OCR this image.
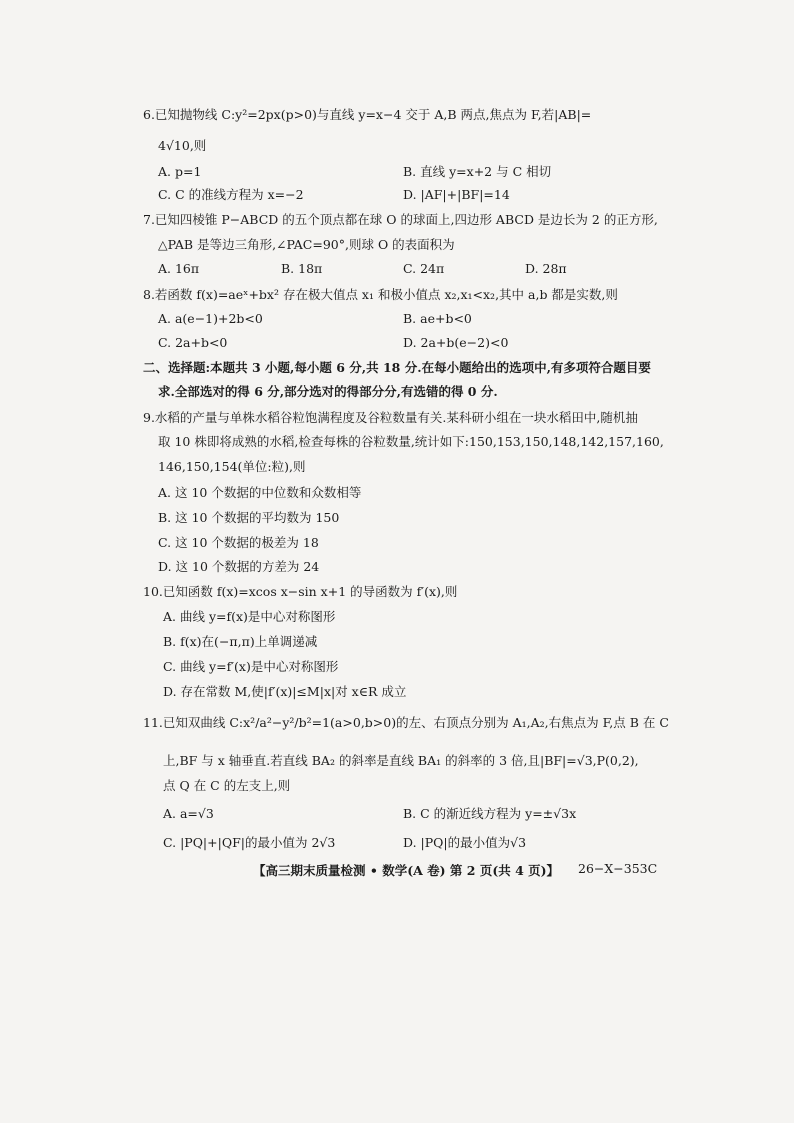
6.已知抛物线 C:y²=2px(p>0)与直线 y=x−4 交于 A,B 两点,焦点为 F,若|AB|=
4√10,则
A. p=1	B. 直线 y=x+2 与 C 相切
C. C 的准线方程为 x=−2	D. |AF|+|BF|=14
7.已知四棱锥 P−ABCD 的五个顶点都在球 O 的球面上,四边形 ABCD 是边长为 2 的正方形,
△PAB 是等边三角形,∠PAC=90°,则球 O 的表面积为
A. 16π	B. 18π	C. 24π	D. 28π
8.若函数 f(x)=aeˣ+bx² 存在极大值点 x₁ 和极小值点 x₂,x₁<x₂,其中 a,b 都是实数,则
A. a(e−1)+2b<0	B. ae+b<0
C. 2a+b<0	D. 2a+b(e−2)<0
二、选择题:本题共 3 小题,每小题 6 分,共 18 分.在每小题给出的选项中,有多项符合题目要
求.全部选对的得 6 分,部分选对的得部分分,有选错的得 0 分.
9.水稻的产量与单株水稻谷粒饱满程度及谷粒数量有关.某科研小组在一块水稻田中,随机抽
取 10 株即将成熟的水稻,检查每株的谷粒数量,统计如下:150,153,150,148,142,157,160,
146,150,154(单位:粒),则
A. 这 10 个数据的中位数和众数相等
B. 这 10 个数据的平均数为 150
C. 这 10 个数据的极差为 18
D. 这 10 个数据的方差为 24
10.已知函数 f(x)=xcos x−sin x+1 的导函数为 f′(x),则
A. 曲线 y=f(x)是中心对称图形
B. f(x)在(−π,π)上单调递减
C. 曲线 y=f′(x)是中心对称图形
D. 存在常数 M,使|f′(x)|≤M|x|对 x∈R 成立
11.已知双曲线 C:x²/a²−y²/b²=1(a>0,b>0)的左、右顶点分别为 A₁,A₂,右焦点为 F,点 B 在 C
上,BF 与 x 轴垂直.若直线 BA₂ 的斜率是直线 BA₁ 的斜率的 3 倍,且|BF|=√3,P(0,2),
点 Q 在 C 的左支上,则
A. a=√3	B. C 的渐近线方程为 y=±√3x
C. |PQ|+|QF|的最小值为 2√3	D. |PQ|的最小值为√3
【高三期末质量检测 • 数学(A 卷) 第 2 页(共 4 页)】 26−X−353C
